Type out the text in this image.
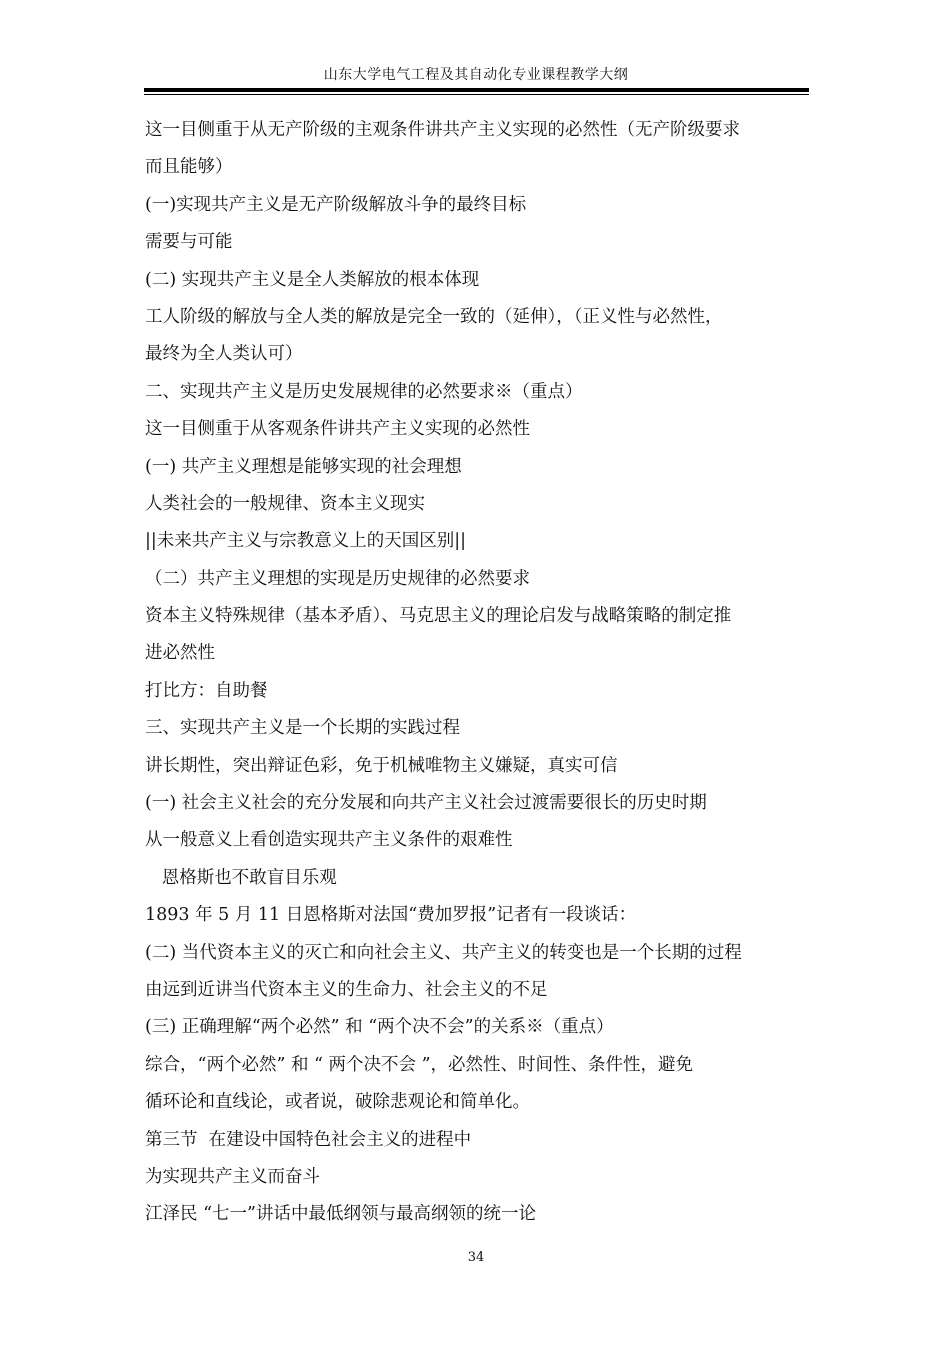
山东大学电气工程及其自动化专业课程教学大纲
这一目侧重于从无产阶级的主观条件讲共产主义实现的必然性（无产阶级要求
而且能够）
(一)实现共产主义是无产阶级解放斗争的最终目标
需要与可能
(二) 实现共产主义是全人类解放的根本体现
工人阶级的解放与全人类的解放是完全一致的（延伸），（正义性与必然性，
最终为全人类认可）
二、实现共产主义是历史发展规律的必然要求※（重点）
这一目侧重于从客观条件讲共产主义实现的必然性
(一) 共产主义理想是能够实现的社会理想
人类社会的一般规律、资本主义现实
||未来共产主义与宗教意义上的天国区别||
（二）共产主义理想的实现是历史规律的必然要求
资本主义特殊规律（基本矛盾）、马克思主义的理论启发与战略策略的制定推
进必然性
打比方：自助餐
三、实现共产主义是一个长期的实践过程
讲长期性，突出辩证色彩，免于机械唯物主义嫌疑，真实可信
(一) 社会主义社会的充分发展和向共产主义社会过渡需要很长的历史时期
从一般意义上看创造实现共产主义条件的艰难性
恩格斯也不敢盲目乐观
1893 年 5 月 11 日恩格斯对法国“费加罗报”记者有一段谈话：
(二) 当代资本主义的灭亡和向社会主义、共产主义的转变也是一个长期的过程
由远到近讲当代资本主义的生命力、社会主义的不足
(三) 正确理解“两个必然” 和 “两个决不会”的关系※（重点）
综合，“两个必然” 和 “ 两个决不会 ”，必然性、时间性、条件性，避免
循环论和直线论，或者说，破除悲观论和简单化。
第三节  在建设中国特色社会主义的进程中
为实现共产主义而奋斗
江泽民 “七一”讲话中最低纲领与最高纲领的统一论
34
